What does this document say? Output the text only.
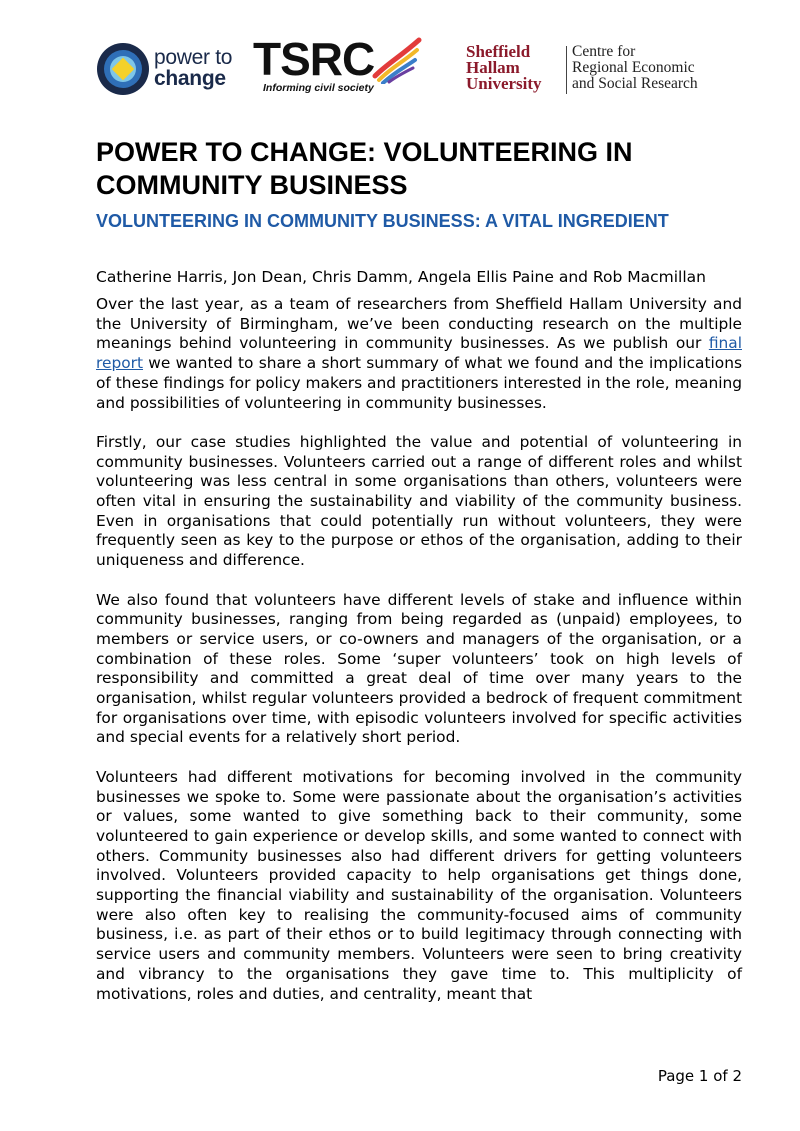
power to
change TSRC
Informing civil society
Sheffield
Hallam
University
Centre for
Regional Economic
and Social Research
POWER TO CHANGE: VOLUNTEERING IN COMMUNITY BUSINESS
VOLUNTEERING IN COMMUNITY BUSINESS: A VITAL INGREDIENT

Catherine Harris, Jon Dean, Chris Damm, Angela Ellis Paine and Rob Macmillan

Over the last year, as a team of researchers from Sheffield Hallam University and the University of Birmingham, we’ve been conducting research on the multiple meanings behind volunteering in community businesses. As we publish our final report we wanted to share a short summary of what we found and the implications of these findings for policy makers and practitioners interested in the role, meaning and possibilities of volunteering in community businesses.

Firstly, our case studies highlighted the value and potential of volunteering in community businesses. Volunteers carried out a range of different roles and whilst volunteering was less central in some organisations than others, volunteers were often vital in ensuring the sustainability and viability of the community business. Even in organisations that could potentially run without volunteers, they were frequently seen as key to the purpose or ethos of the organisation, adding to their uniqueness and difference.

We also found that volunteers have different levels of stake and influence within community businesses, ranging from being regarded as (unpaid) employees, to members or service users, or co-owners and managers of the organisation, or a combination of these roles. Some ‘super volunteers’ took on high levels of responsibility and committed a great deal of time over many years to the organisation, whilst regular volunteers provided a bedrock of frequent commitment for organisations over time, with episodic volunteers involved for specific activities and special events for a relatively short period.

Volunteers had different motivations for becoming involved in the community businesses we spoke to. Some were passionate about the organisation’s activities or values, some wanted to give something back to their community, some volunteered to gain experience or develop skills, and some wanted to connect with others. Community businesses also had different drivers for getting volunteers involved. Volunteers provided capacity to help organisations get things done, supporting the financial viability and sustainability of the organisation. Volunteers were also often key to realising the community-focused aims of community business, i.e. as part of their ethos or to build legitimacy through connecting with service users and community members. Volunteers were seen to bring creativity and vibrancy to the organisations they gave time to. This multiplicity of motivations, roles and duties, and centrality, meant that

Page 1 of 2
